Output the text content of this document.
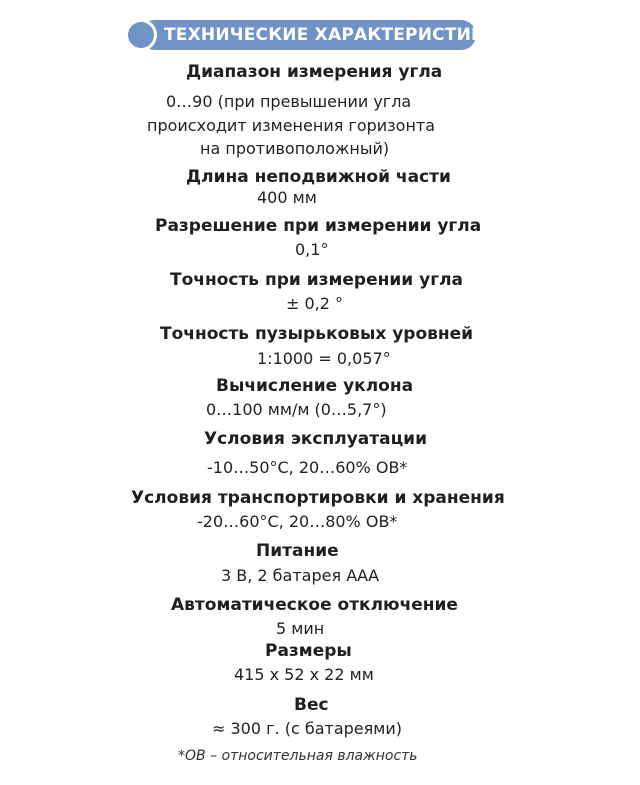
ТЕХНИЧЕСКИЕ ХАРАКТЕРИСТИКИ
Диапазон измерения угла
0…90 (при превышении угла
происходит изменения горизонта
на противоположный)
Длина неподвижной части
400 мм
Разрешение при измерении угла
0,1°
Точность при измерении угла
± 0,2 °
Точность пузырьковых уровней
1:1000 = 0,057°
Вычисление уклона
0…100 мм/м (0…5,7°)
Условия эксплуатации
-10…50°С, 20…60% ОВ*
Условия транспортировки и хранения
-20…60°С, 20…80% ОВ*
Питание
3 В, 2 батарея ААА
Автоматическое отключение
5 мин
Размеры
415 х 52 х 22 мм
Вес
≈ 300 г. (с батареями)
*ОВ – относительная влажность
